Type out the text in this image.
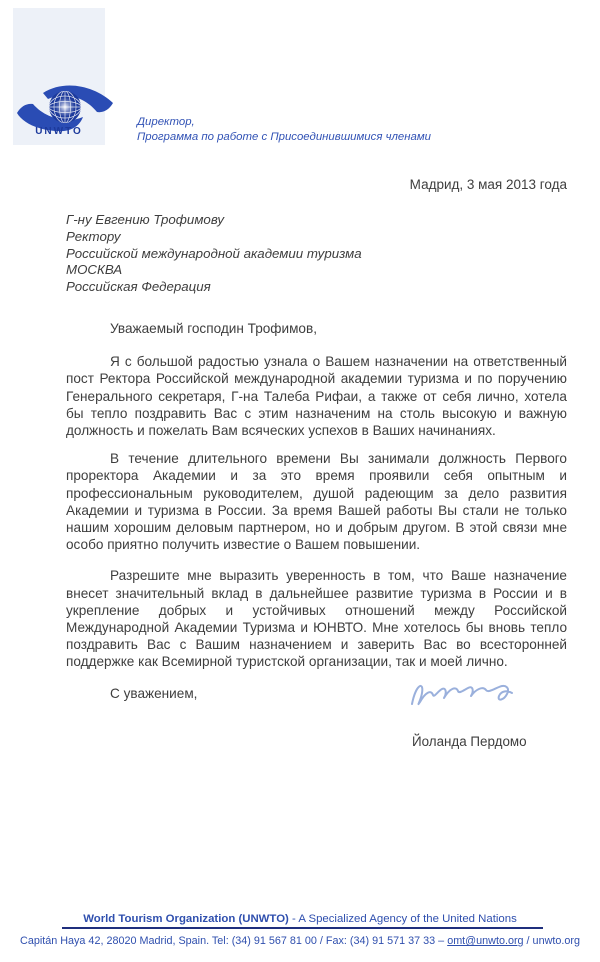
UNWTO
Директор,
Программа по работе с Присоединившимися членами
Мадрид, 3 мая 2013 года
Г-ну Евгению Трофимову
Ректору
Российской международной академии туризма
МОСКВА
Российская Федерация
Уважаемый господин Трофимов,

Я с большой радостью узнала о Вашем назначении на ответственный пост Ректора Российской международной академии туризма и по поручению Генерального секретаря, Г-на Талеба Рифаи, а также от себя лично, хотела бы тепло поздравить Вас с этим назначеним на столь высокую и важную должность и пожелать Вам всяческих успехов в Ваших начинаниях.

В течение длительного времени Вы занимали должность Первого проректора Академии и за это время проявили себя опытным и профессиональным руководителем, душой радеющим за дело развития Академии и туризма в России. За время Вашей работы Вы стали не только нашим хорошим деловым партнером, но и добрым другом. В этой связи мне особо приятно получить известие о Вашем повышении.

Разрешите мне выразить уверенность в том, что Ваше назначение внесет значительный вклад в дальнейшее развитие туризма в России и в укрепление добрых и устойчивых отношений между Российской Международной Академии Туризма и ЮНВТО. Мне хотелось бы вновь тепло поздравить Вас с Вашим назначением и заверить Вас во всесторонней поддержке как Всемирной туристской организации, так и моей лично.

С уважением,

Йоланда Пердомо
World Tourism Organization (UNWTO) - A Specialized Agency of the United Nations
Capitán Haya 42, 28020 Madrid, Spain. Tel: (34) 91 567 81 00 / Fax: (34) 91 571 37 33 – omt@unwto.org / unwto.org
